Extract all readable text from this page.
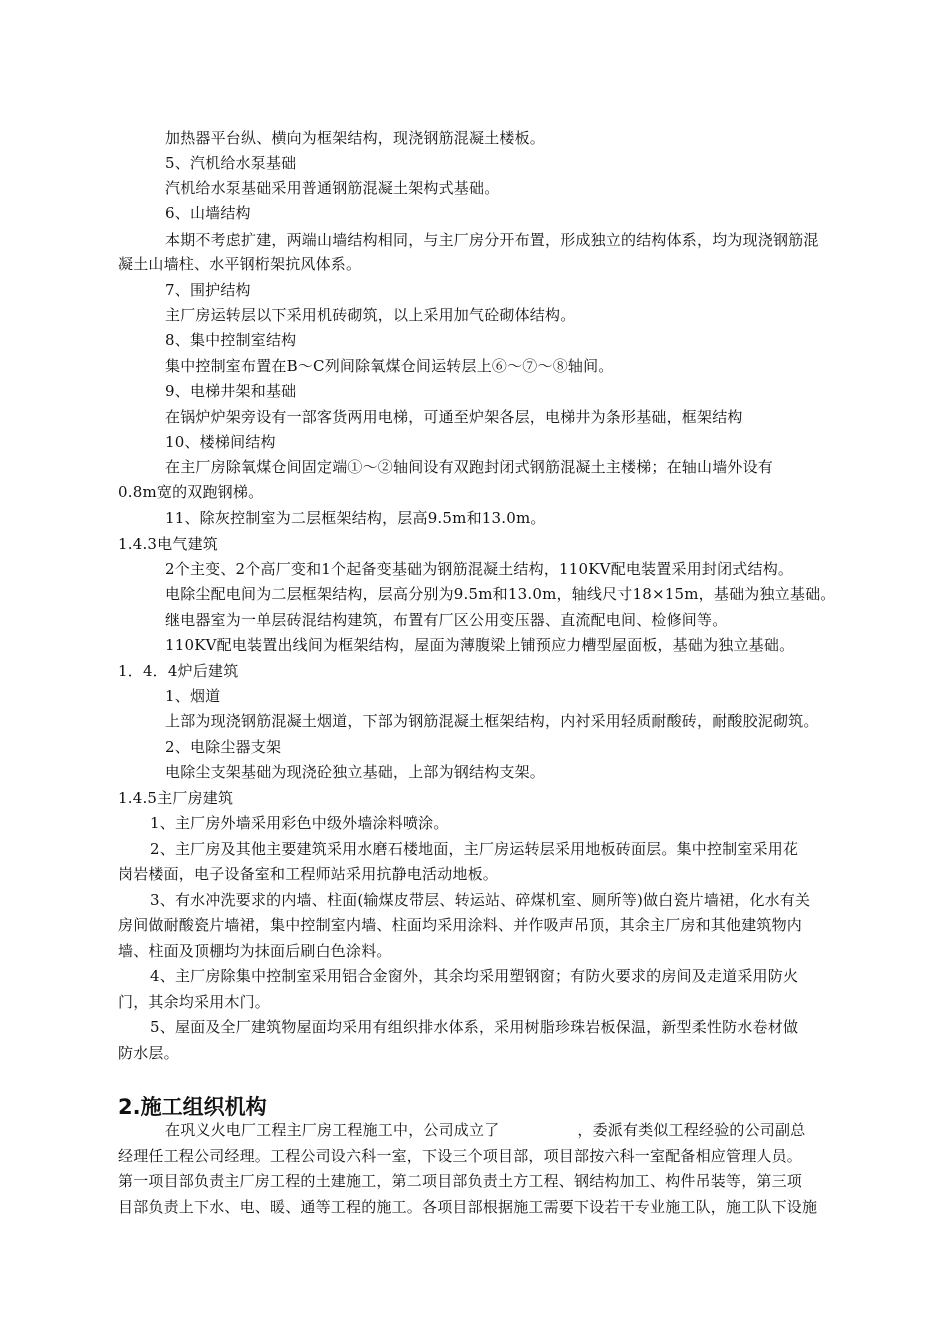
加热器平台纵、横向为框架结构，现浇钢筋混凝土楼板。
5、汽机给水泵基础
汽机给水泵基础采用普通钢筋混凝土架构式基础。
6、山墙结构
本期不考虑扩建，两端山墙结构相同，与主厂房分开布置，形成独立的结构体系，均为现浇钢筋混
凝土山墙柱、水平钢桁架抗风体系。
7、围护结构
主厂房运转层以下采用机砖砌筑，以上采用加气砼砌体结构。
8、集中控制室结构
集中控制室布置在B～C列间除氧煤仓间运转层上⑥～⑦～⑧轴间。
9、电梯井架和基础
在锅炉炉架旁设有一部客货两用电梯，可通至炉架各层，电梯井为条形基础，框架结构
10、楼梯间结构
在主厂房除氧煤仓间固定端①～②轴间设有双跑封闭式钢筋混凝土主楼梯；在轴山墙外设有
0.8m宽的双跑钢梯。
11、除灰控制室为二层框架结构，层高9.5m和13.0m。
1.4.3电气建筑
2个主变、2个高厂变和1个起备变基础为钢筋混凝土结构，110KV配电装置采用封闭式结构。
电除尘配电间为二层框架结构，层高分别为9.5m和13.0m，轴线尺寸18×15m，基础为独立基础。
继电器室为一单层砖混结构建筑，布置有厂区公用变压器、直流配电间、检修间等。
110KV配电装置出线间为框架结构，屋面为薄腹梁上铺预应力槽型屋面板，基础为独立基础。
1．4．4炉后建筑
1、烟道
上部为现浇钢筋混凝土烟道，下部为钢筋混凝土框架结构，内衬采用轻质耐酸砖，耐酸胶泥砌筑。
2、电除尘器支架
电除尘支架基础为现浇砼独立基础，上部为钢结构支架。
1.4.5主厂房建筑
1、主厂房外墙采用彩色中级外墙涂料喷涂。
2、主厂房及其他主要建筑采用水磨石楼地面，主厂房运转层采用地板砖面层。集中控制室采用花
岗岩楼面，电子设备室和工程师站采用抗静电活动地板。
3、有水冲洗要求的内墙、柱面(输煤皮带层、转运站、碎煤机室、厕所等)做白瓷片墙裙，化水有关
房间做耐酸瓷片墙裙，集中控制室内墙、柱面均采用涂料、并作吸声吊顶，其余主厂房和其他建筑物内
墙、柱面及顶棚均为抹面后刷白色涂料。
4、主厂房除集中控制室采用铝合金窗外，其余均采用塑钢窗；有防火要求的房间及走道采用防火
门，其余均采用木门。
5、屋面及全厂建筑物屋面均采用有组织排水体系，采用树脂珍珠岩板保温，新型柔性防水卷材做
防水层。
2.施工组织机构
在巩义火电厂工程主厂房工程施工中，公司成立了	，委派有类似工程经验的公司副总
经理任工程公司经理。工程公司设六科一室，下设三个项目部，项目部按六科一室配备相应管理人员。
第一项目部负责主厂房工程的土建施工，第二项目部负责土方工程、钢结构加工、构件吊装等，第三项
目部负责上下水、电、暖、通等工程的施工。各项目部根据施工需要下设若干专业施工队，施工队下设施
